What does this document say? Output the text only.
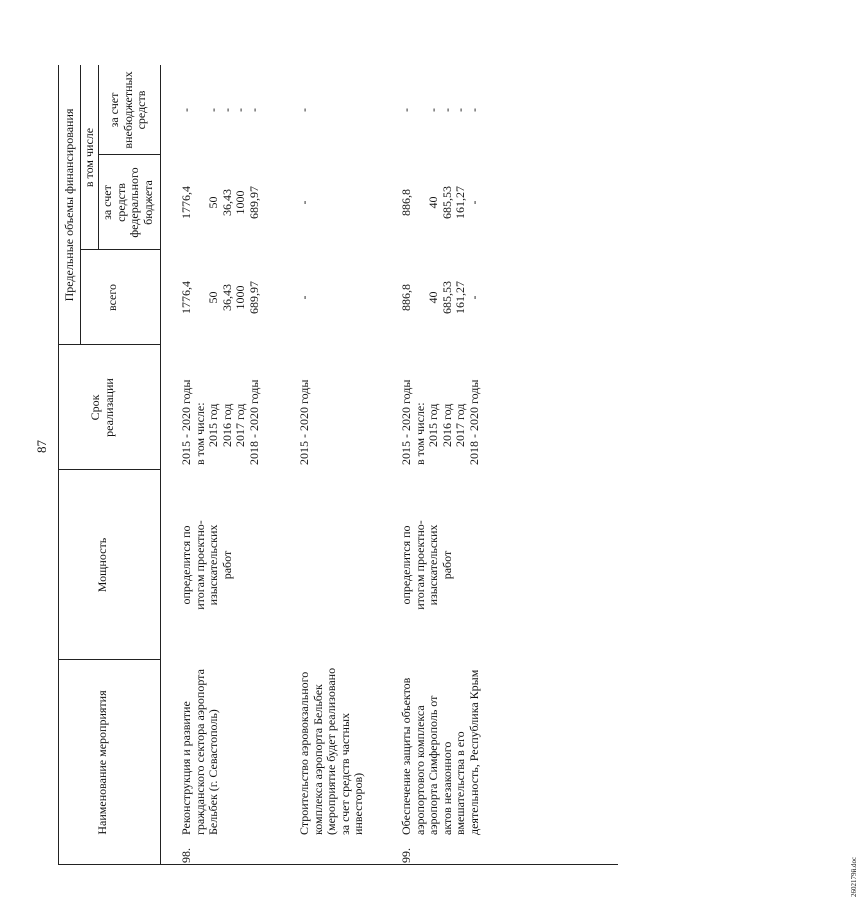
87
Наименование мероприятия
Мощность
Срок
реализации
Предельные объемы финансирования всего
в том числе
за счет
средств
федерального
бюджета
за счет
внебюджетных
средств
98.
Реконструкция и развитие
гражданского сектора аэропорта
Бельбек (г. Севастополь)
определится по
итогам проектно-
изыскательских
работ
2015 - 2020 годы
в том числе:
2015 год
2016 год
2017 год
2018 - 2020 годы
1776,4

50
36,43
1000
689,97
1776,4

50
36,43
1000
689,97
-

-
-
-
-
Строительство аэровокзального
комплекса аэропорта Бельбек
(мероприятие будет реализовано
за счет средств частных
инвесторов)
2015 - 2020 годы
-
-
-
99.
Обеспечение защиты объектов
аэропортового комплекса
аэропорта Симферополь от
актов незаконного
вмешательства в его
деятельность, Республика Крым
определится по
итогам проектно-
изыскательских
работ
2015 - 2020 годы
в том числе:
2015 год
2016 год
2017 год
2018 - 2020 годы
886,8

40
685,53
161,27
-
886,8

40
685,53
161,27
-
-

-
-
-
-
2602179й.doc
